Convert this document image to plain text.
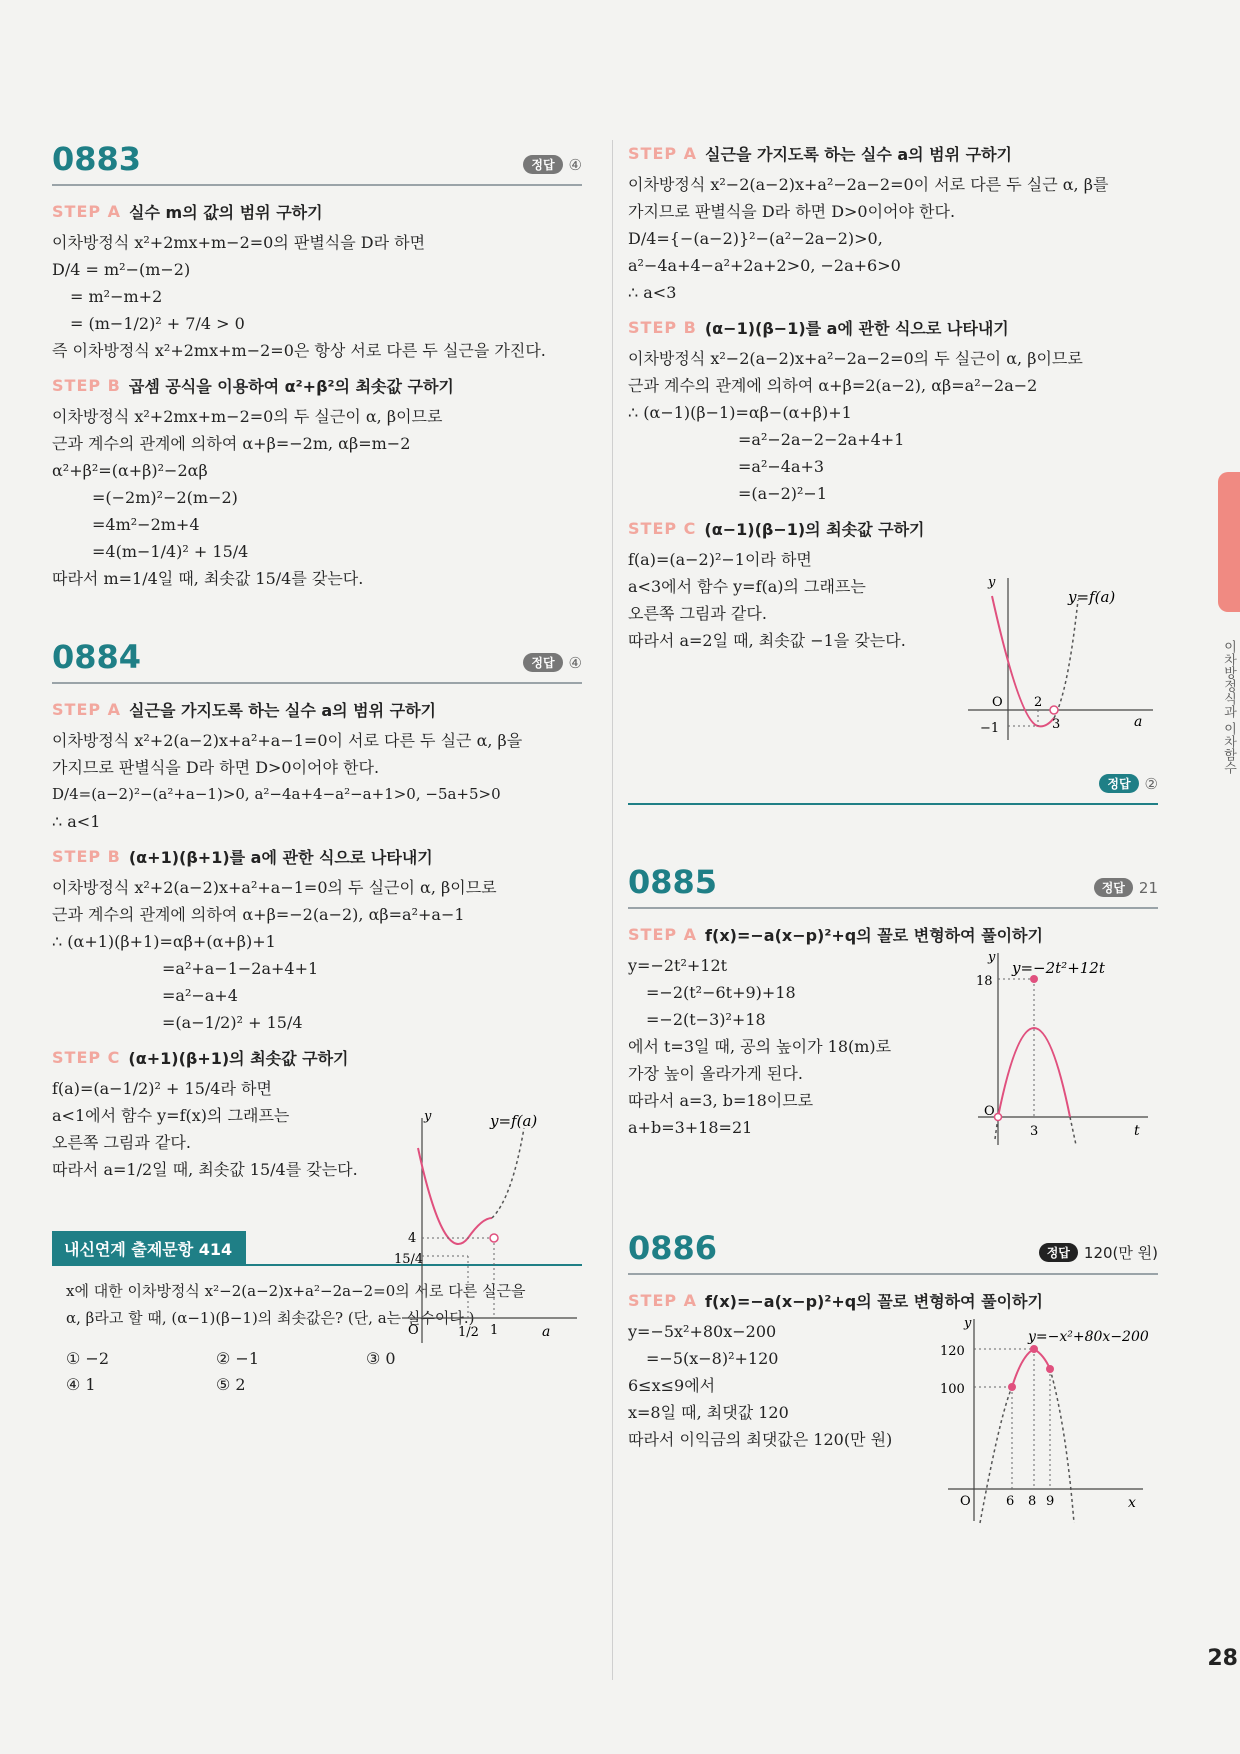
0883	정답 ④
STEP A 실수 m의 값의 범위 구하기
이차방정식 x²+2mx+m−2=0의 판별식을 D라 하면
D/4 = m²−(m−2)
= m²−m+2
= (m−1/2)² + 7/4 > 0
즉 이차방정식 x²+2mx+m−2=0은 항상 서로 다른 두 실근을 가진다.
STEP B 곱셈 공식을 이용하여 α²+β²의 최솟값 구하기
이차방정식 x²+2mx+m−2=0의 두 실근이 α, β이므로
근과 계수의 관계에 의하여 α+β=−2m, αβ=m−2
α²+β²=(α+β)²−2αβ
=(−2m)²−2(m−2)
=4m²−2m+4
=4(m−1/4)² + 15/4
따라서 m=1/4일 때, 최솟값 15/4를 갖는다.
0884	정답 ④
STEP A 실근을 가지도록 하는 실수 a의 범위 구하기
이차방정식 x²+2(a−2)x+a²+a−1=0이 서로 다른 두 실근 α, β을
가지므로 판별식을 D라 하면 D>0이어야 한다.
D/4=(a−2)²−(a²+a−1)>0, a²−4a+4−a²−a+1>0, −5a+5>0
∴ a<1
STEP B (α+1)(β+1)를 a에 관한 식으로 나타내기
이차방정식 x²+2(a−2)x+a²+a−1=0의 두 실근이 α, β이므로
근과 계수의 관계에 의하여 α+β=−2(a−2), αβ=a²+a−1
∴ (α+1)(β+1)=αβ+(α+β)+1
=a²+a−1−2a+4+1
=a²−a+4
=(a−1/2)² + 15/4
STEP C (α+1)(β+1)의 최솟값 구하기
f(a)=(a−1/2)² + 15/4라 하면
a<1에서 함수 y=f(x)의 그래프는
오른쪽 그림과 같다.
따라서 a=1/2일 때, 최솟값 15/4를 갖는다.
y	y=f(a)
4
15/4
O	1/2 1	a
내신연계 출제문항 414
x에 대한 이차방정식 x²−2(a−2)x+a²−2a−2=0의 서로 다른 실근을
α, β라고 할 때, (α−1)(β−1)의 최솟값은? (단, a는 실수이다.)
① −2	② −1	③ 0
④ 1	⑤ 2
STEP A 실근을 가지도록 하는 실수 a의 범위 구하기
이차방정식 x²−2(a−2)x+a²−2a−2=0이 서로 다른 두 실근 α, β를
가지므로 판별식을 D라 하면 D>0이어야 한다.
D/4={−(a−2)}²−(a²−2a−2)>0,
a²−4a+4−a²+2a+2>0, −2a+6>0
∴ a<3
STEP B (α−1)(β−1)를 a에 관한 식으로 나타내기
이차방정식 x²−2(a−2)x+a²−2a−2=0의 두 실근이 α, β이므로
근과 계수의 관계에 의하여 α+β=2(a−2), αβ=a²−2a−2
∴ (α−1)(β−1)=αβ−(α+β)+1
=a²−2a−2−2a+4+1
=a²−4a+3
=(a−2)²−1
STEP C (α−1)(β−1)의 최솟값 구하기
f(a)=(a−2)²−1이라 하면
a<3에서 함수 y=f(a)의 그래프는
오른쪽 그림과 같다.
따라서 a=2일 때, 최솟값 −1을 갖는다.
y
y=f(a)
O 2
3
−1	a
정답 ②
0885	정답 21
STEP A f(x)=−a(x−p)²+q의 꼴로 변형하여 풀이하기
y=−2t²+12t
=−2(t²−6t+9)+18
=−2(t−3)²+18
에서 t=3일 때, 공의 높이가 18(m)로
가장 높이 올라가게 된다.
따라서 a=3, b=18이므로
a+b=3+18=21
y
y=−2t²+12t
18
O
3	t
0886	정답 120(만 원)
STEP A f(x)=−a(x−p)²+q의 꼴로 변형하여 풀이하기
y=−5x²+80x−200
=−5(x−8)²+120
6≤x≤9에서
x=8일 때, 최댓값 120
따라서 이익금의 최댓값은 120(만 원)
y
y=−x²+80x−200
120
100
O	6 8 9	x
이차방정식과 이차함수
28
